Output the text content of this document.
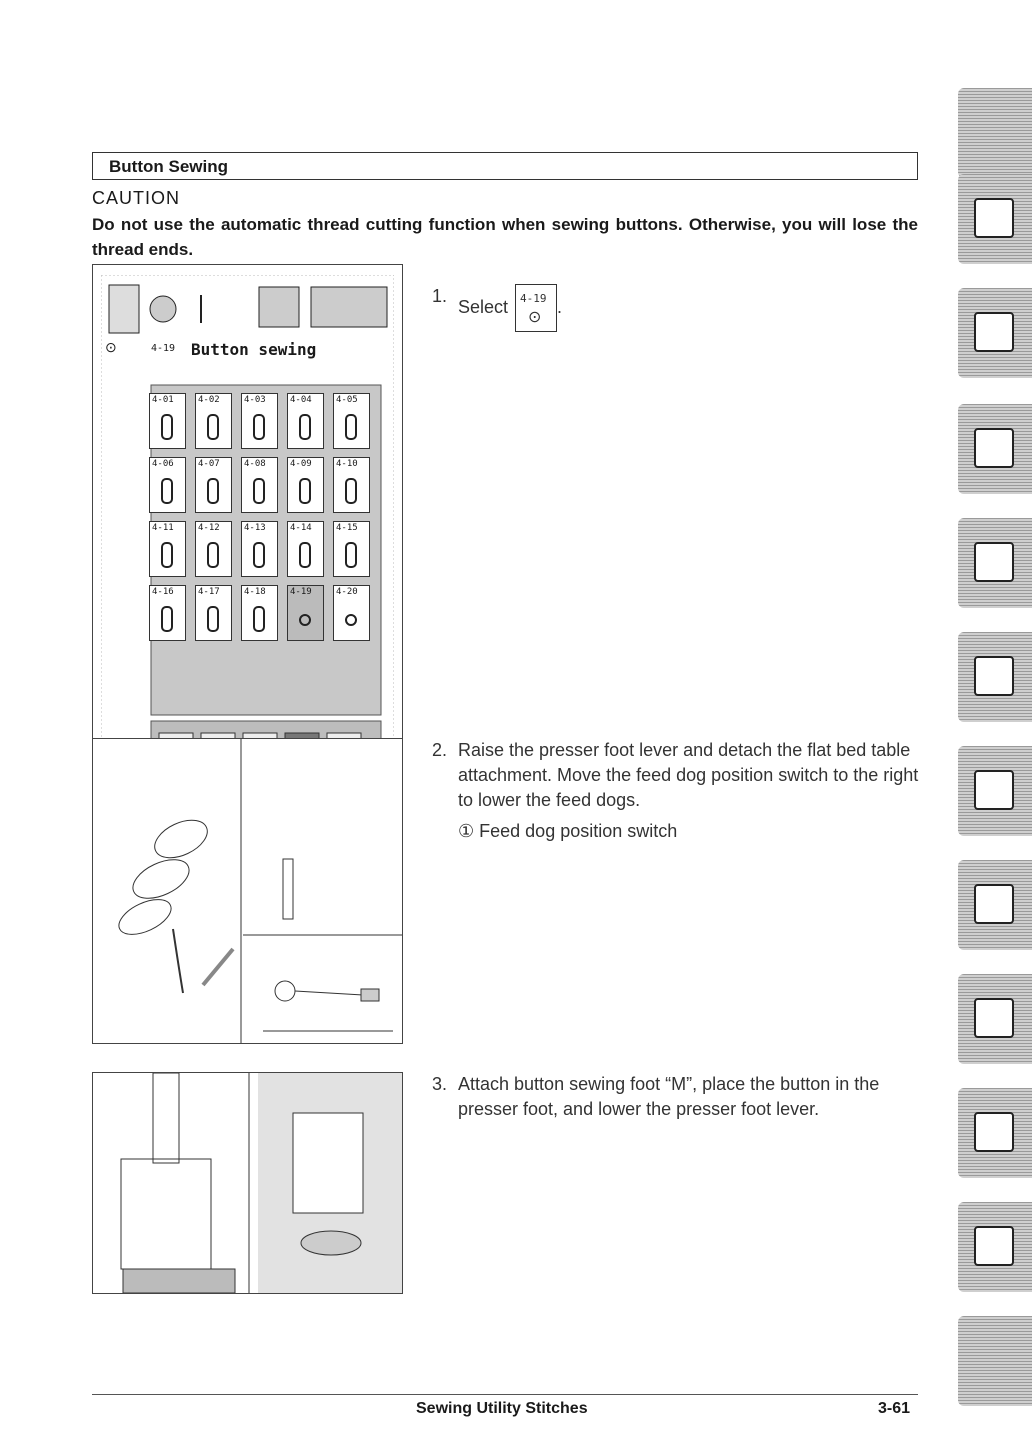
Button Sewing
CAUTION
Do not use the automatic thread cutting function when sewing buttons. Otherwise, you will lose the thread ends.
⊙	4-19 Button sewing
4-01	4-02	4-03	4-04	4-05
4-06	4-07	4-08	4-09	4-10
4-11	4-12	4-13	4-14	4-15
4-16	4-17	4-18	4-19	4-20
1.
Select 4-19
⊙
.
2. Raise the presser foot lever and detach the flat bed table attachment. Move the feed dog position switch to the right to lower the feed dogs.
① Feed dog position switch
3. Attach button sewing foot “M”, place the button in the presser foot, and lower the presser foot lever.
Sewing Utility Stitches	3-61
